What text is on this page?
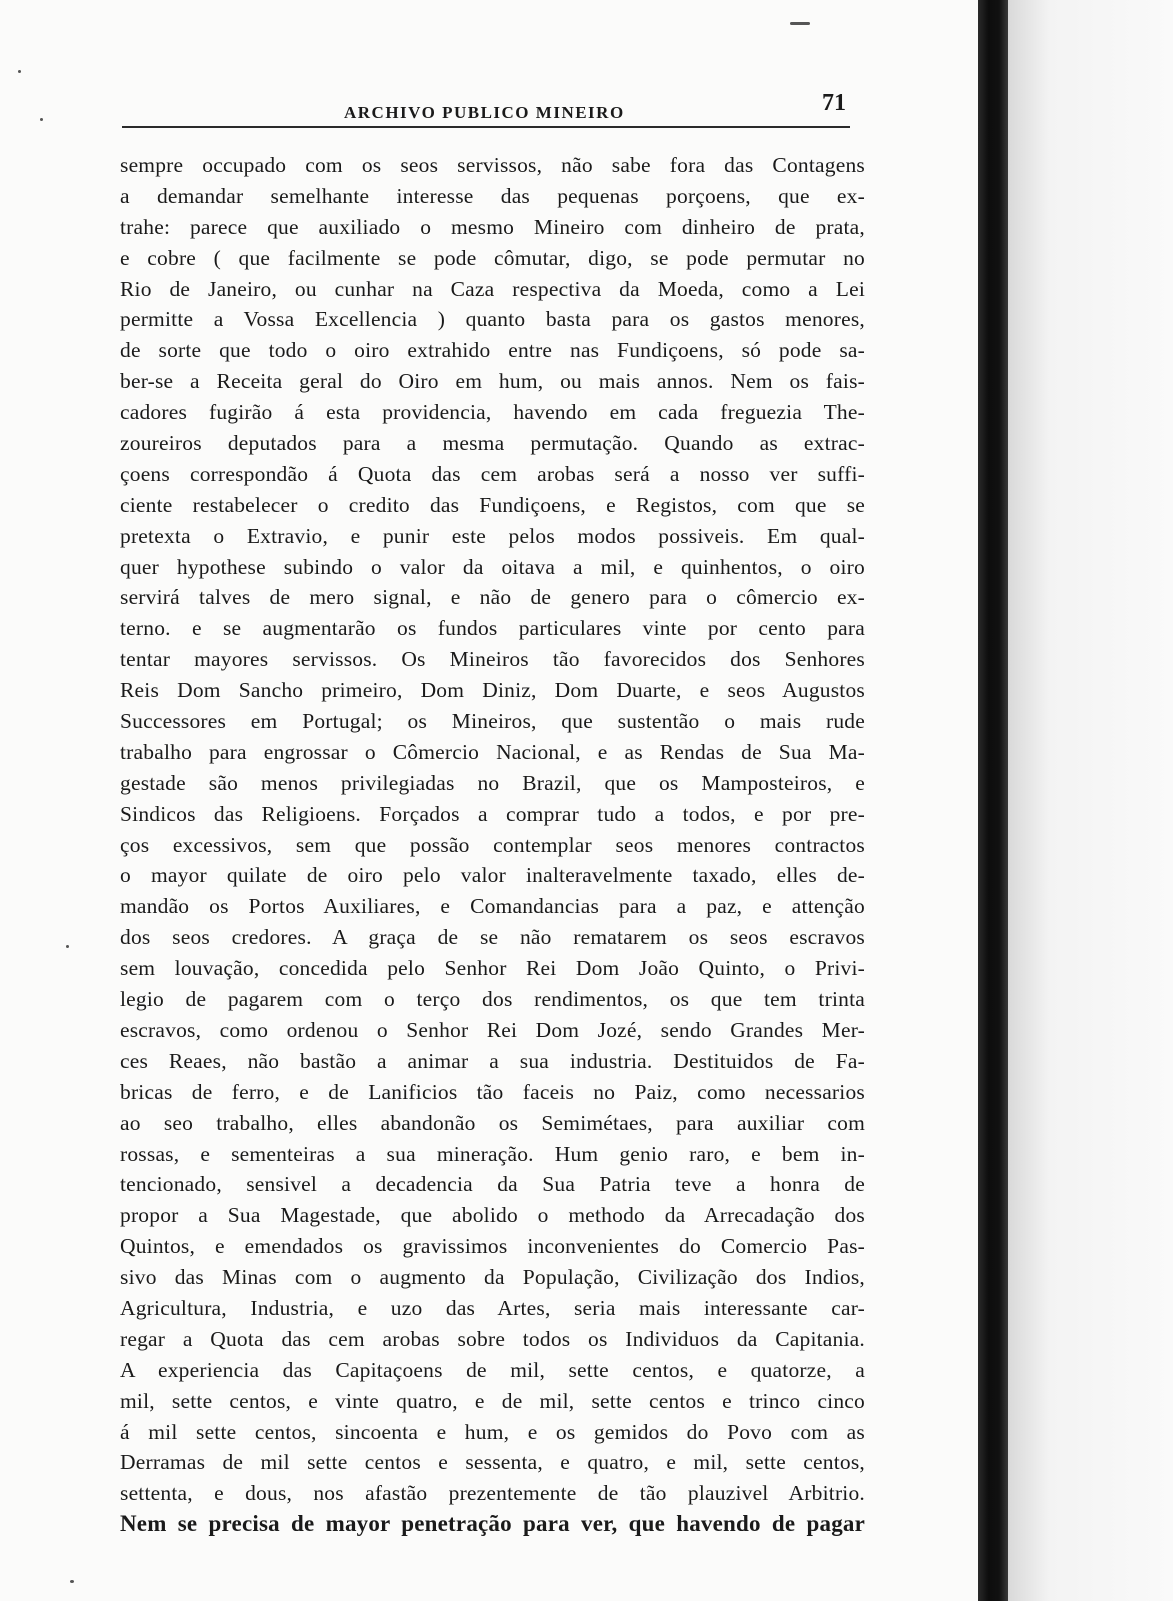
ARCHIVO PUBLICO MINEIRO	71
sempre occupado com os seos servissos, não sabe fora das Contagens
a demandar semelhante interesse das pequenas porçoens, que ex-
trahe: parece que auxiliado o mesmo Mineiro com dinheiro de prata,
e cobre ( que facilmente se pode cômutar, digo, se pode permutar no
Rio de Janeiro, ou cunhar na Caza respectiva da Moeda, como a Lei
permitte a Vossa Excellencia ) quanto basta para os gastos menores,
de sorte que todo o oiro extrahido entre nas Fundiçoens, só pode sa-
ber-se a Receita geral do Oiro em hum, ou mais annos. Nem os fais-
cadores fugirão á esta providencia, havendo em cada freguezia The-
zoureiros deputados para a mesma permutação. Quando as extrac-
çoens correspondão á Quota das cem arobas será a nosso ver suffi-
ciente restabelecer o credito das Fundiçoens, e Registos, com que se
pretexta o Extravio, e punir este pelos modos possiveis. Em qual-
quer hypothese subindo o valor da oitava a mil, e quinhentos, o oiro
servirá talves de mero signal, e não de genero para o cômercio ex-
terno. e se augmentarão os fundos particulares vinte por cento para
tentar mayores servissos. Os Mineiros tão favorecidos dos Senhores
Reis Dom Sancho primeiro, Dom Diniz, Dom Duarte, e seos Augustos
Successores em Portugal; os Mineiros, que sustentão o mais rude
trabalho para engrossar o Cômercio Nacional, e as Rendas de Sua Ma-
gestade são menos privilegiadas no Brazil, que os Mamposteiros, e
Sindicos das Religioens. Forçados a comprar tudo a todos, e por pre-
ços excessivos, sem que possão contemplar seos menores contractos
o mayor quilate de oiro pelo valor inalteravelmente taxado, elles de-
mandão os Portos Auxiliares, e Comandancias para a paz, e attenção
dos seos credores. A graça de se não rematarem os seos escravos
sem louvação, concedida pelo Senhor Rei Dom João Quinto, o Privi-
legio de pagarem com o terço dos rendimentos, os que tem trinta
escravos, como ordenou o Senhor Rei Dom Jozé, sendo Grandes Mer-
ces Reaes, não bastão a animar a sua industria. Destituidos de Fa-
bricas de ferro, e de Lanificios tão faceis no Paiz, como necessarios
ao seo trabalho, elles abandonão os Semimétaes, para auxiliar com
rossas, e sementeiras a sua mineração. Hum genio raro, e bem in-
tencionado, sensivel a decadencia da Sua Patria teve a honra de
propor a Sua Magestade, que abolido o methodo da Arrecadação dos
Quintos, e emendados os gravissimos inconvenientes do Comercio Pas-
sivo das Minas com o augmento da População, Civilização dos Indios,
Agricultura, Industria, e uzo das Artes, seria mais interessante car-
regar a Quota das cem arobas sobre todos os Individuos da Capitania.
A experiencia das Capitaçoens de mil, sette centos, e quatorze, a
mil, sette centos, e vinte quatro, e de mil, sette centos e trinco cinco
á mil sette centos, sincoenta e hum, e os gemidos do Povo com as
Derramas de mil sette centos e sessenta, e quatro, e mil, sette centos,
settenta, e dous, nos afastão prezentemente de tão plauzivel Arbitrio.
Nem se precisa de mayor penetração para ver, que havendo de pagar
